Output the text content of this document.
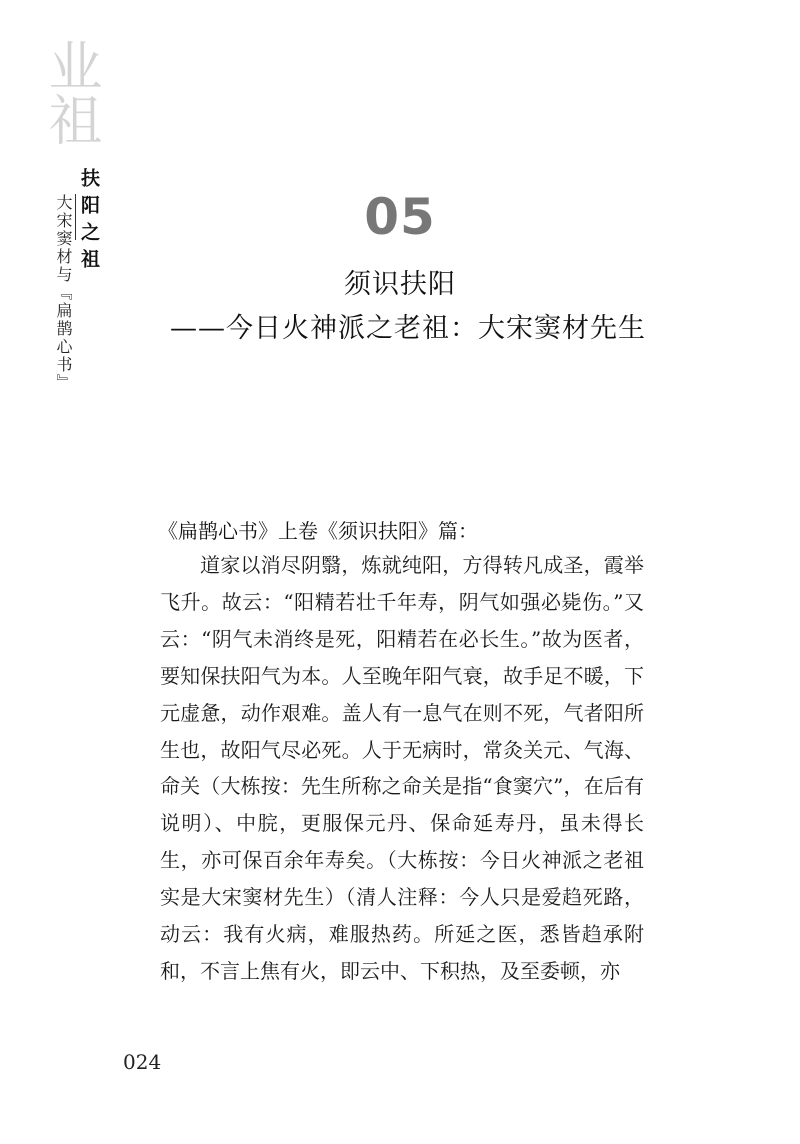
业祖
扶阳之祖
大宋窦材与『扁鹊心书』	05
须识扶阳
——今日火神派之老祖：大宋窦材先生
《扁鹊心书》上卷《须识扶阳》篇：

道家以消尽阴翳，炼就纯阳，方得转凡成圣，霞举飞升。故云：“阳精若壮千年寿，阴气如强必毙伤。”又云：“阴气未消终是死，阳精若在必长生。”故为医者，要知保扶阳气为本。人至晚年阳气衰，故手足不暖，下元虚惫，动作艰难。盖人有一息气在则不死，气者阳所生也，故阳气尽必死。人于无病时，常灸关元、气海、命关（大栋按：先生所称之命关是指“食窦穴”，在后有说明）、中脘，更服保元丹、保命延寿丹，虽未得长生，亦可保百余年寿矣。（大栋按：今日火神派之老祖实是大宋窦材先生）（清人注释：今人只是爱趋死路，动云：我有火病，难服热药。所延之医，悉皆趋承附和，不言上焦有火，即云中、下积热，及至委顿，亦

024
